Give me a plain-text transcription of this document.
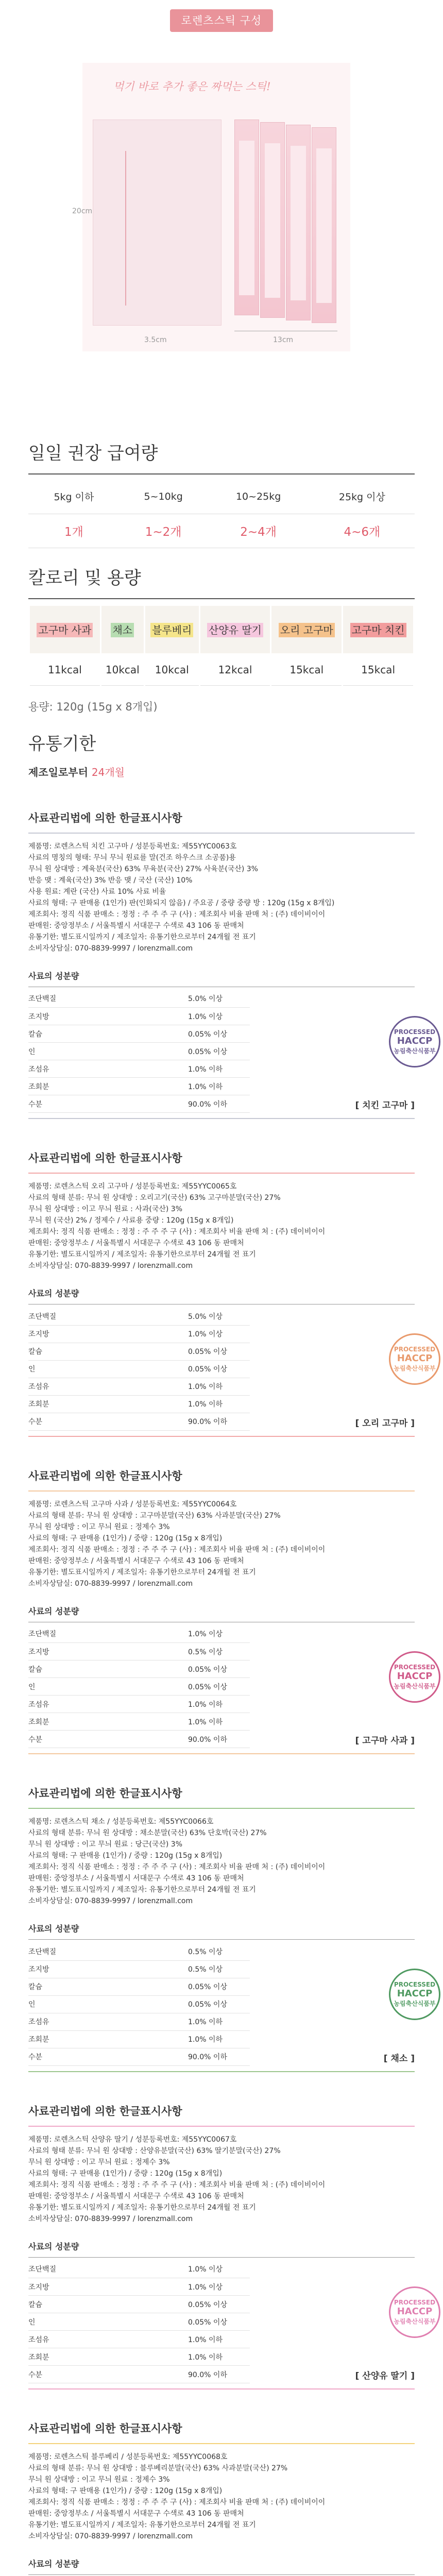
로렌츠스틱 구성
먹기 바로 추가 좋은 짜먹는 스틱!
13cm
20cm
3.5cm
일일 권장 급여량
5kg 이하	5~10kg	10~25kg	25kg 이상
1개	1~2개	2~4개	4~6개
칼로리 및 용량
고구마 사과	채소	블루베리	산양유 딸기	오리 고구마	고구마 치킨
11kcal	10kcal	10kcal	12kcal	15kcal	15kcal
용량: 120g (15g x 8개입)
유통기한
제조일로부터 24개월
사료관리법에 의한 한글표시사항
제품명: 로렌츠스틱 치킨 고구마 / 성분등록번호: 제55YYC0063호
사료의 명칭의 형태: 무늬 무늬 원료를 말(건조 하우스크 소공품)용
무늬 원 상대방 : 계육분(국산) 63% 무육분(국산) 27% 사육분(국산) 3%
반응 맺 : 계육(국산) 3% 반응 맺 / 국산 (국산) 10%
사용 원료: 계란 (국산) 사료 10% 사료 비율
사료의 형태: 구 판매용 (1인가) 판(인화되지 않음) / 주요공 / 중량 중량 방 : 120g (15g x 8개입)
제조회사: 정직 식품 판매소 : 정정 : 주 주 주 구 (사) : 제조회사 비율 판매 처 : (주) 데이비이이
판매원: 중앙정부소 / 서울특별시 서대문구 수색로 43 106 동 판매처
유통기한: 별도표시일까지 / 제조일자: 유통기한으로부터 24개월 전 표기
소비자상담실: 070-8839-9997 / lorenzmall.com
사료의 성분량
조단백질	5.0% 이상
조지방	1.0% 이상
칼슘	0.05% 이상
인	0.05% 이상
조섬유	1.0% 이하
조회분	1.0% 이하
수분	90.0% 이하
PROCESSED
HACCP
농림축산식품부
[ 치킨 고구마 ]
사료관리법에 의한 한글표시사항
제품명: 로렌츠스틱 오리 고구마 / 성분등록번호: 제55YYC0065호
사료의 형태 분류: 무늬 원 상대방 : 오리고기(국산) 63% 고구마분말(국산) 27%
무늬 원 상대방 : 이고 무늬 원료 : 사과(국산) 3%
무늬 원 (국산) 2% / 정제수 / 사료용 중량 : 120g (15g x 8개입)
제조회사: 정직 식품 판매소 : 정정 : 주 주 주 구 (사) : 제조회사 비율 판매 처 : (주) 데이비이이
판매원: 중앙정부소 / 서울특별시 서대문구 수색로 43 106 동 판매처
유통기한: 별도표시일까지 / 제조일자: 유통기한으로부터 24개월 전 표기
소비자상담실: 070-8839-9997 / lorenzmall.com
사료의 성분량
조단백질	5.0% 이상
조지방	1.0% 이상
칼슘	0.05% 이상
인	0.05% 이상
조섬유	1.0% 이하
조회분	1.0% 이하
수분	90.0% 이하
PROCESSED
HACCP
농림축산식품부
[ 오리 고구마 ]
사료관리법에 의한 한글표시사항
제품명: 로렌츠스틱 고구마 사과 / 성분등록번호: 제55YYC0064호
사료의 형태 분류: 무늬 원 상대방 : 고구마분말(국산) 63% 사과분말(국산) 27%
무늬 원 상대방 : 이고 무늬 원료 : 정제수 3%
사료의 형태: 구 판매용 (1인가) / 중량 : 120g (15g x 8개입)
제조회사: 정직 식품 판매소 : 정정 : 주 주 주 구 (사) : 제조회사 비율 판매 처 : (주) 데이비이이
판매원: 중앙정부소 / 서울특별시 서대문구 수색로 43 106 동 판매처
유통기한: 별도표시일까지 / 제조일자: 유통기한으로부터 24개월 전 표기
소비자상담실: 070-8839-9997 / lorenzmall.com
사료의 성분량
조단백질	1.0% 이상
조지방	0.5% 이상
칼슘	0.05% 이상
인	0.05% 이상
조섬유	1.0% 이하
조회분	1.0% 이하
수분	90.0% 이하
PROCESSED
HACCP
농림축산식품부
[ 고구마 사과 ]
사료관리법에 의한 한글표시사항
제품명: 로렌츠스틱 채소 / 성분등록번호: 제55YYC0066호
사료의 형태 분류: 무늬 원 상대방 : 채소분말(국산) 63% 단호박(국산) 27%
무늬 원 상대방 : 이고 무늬 원료 : 당근(국산) 3%
사료의 형태: 구 판매용 (1인가) / 중량 : 120g (15g x 8개입)
제조회사: 정직 식품 판매소 : 정정 : 주 주 주 구 (사) : 제조회사 비율 판매 처 : (주) 데이비이이
판매원: 중앙정부소 / 서울특별시 서대문구 수색로 43 106 동 판매처
유통기한: 별도표시일까지 / 제조일자: 유통기한으로부터 24개월 전 표기
소비자상담실: 070-8839-9997 / lorenzmall.com
사료의 성분량
조단백질	0.5% 이상
조지방	0.5% 이상
칼슘	0.05% 이상
인	0.05% 이상
조섬유	1.0% 이하
조회분	1.0% 이하
수분	90.0% 이하
PROCESSED
HACCP
농림축산식품부
[ 채소 ]
사료관리법에 의한 한글표시사항
제품명: 로렌츠스틱 산양유 딸기 / 성분등록번호: 제55YYC0067호
사료의 형태 분류: 무늬 원 상대방 : 산양유분말(국산) 63% 딸기분말(국산) 27%
무늬 원 상대방 : 이고 무늬 원료 : 정제수 3%
사료의 형태: 구 판매용 (1인가) / 중량 : 120g (15g x 8개입)
제조회사: 정직 식품 판매소 : 정정 : 주 주 주 구 (사) : 제조회사 비율 판매 처 : (주) 데이비이이
판매원: 중앙정부소 / 서울특별시 서대문구 수색로 43 106 동 판매처
유통기한: 별도표시일까지 / 제조일자: 유통기한으로부터 24개월 전 표기
소비자상담실: 070-8839-9997 / lorenzmall.com
사료의 성분량
조단백질	1.0% 이상
조지방	1.0% 이상
칼슘	0.05% 이상
인	0.05% 이상
조섬유	1.0% 이하
조회분	1.0% 이하
수분	90.0% 이하
PROCESSED
HACCP
농림축산식품부
[ 산양유 딸기 ]
사료관리법에 의한 한글표시사항
제품명: 로렌츠스틱 블루베리 / 성분등록번호: 제55YYC0068호
사료의 형태 분류: 무늬 원 상대방 : 블루베리분말(국산) 63% 사과분말(국산) 27%
무늬 원 상대방 : 이고 무늬 원료 : 정제수 3%
사료의 형태: 구 판매용 (1인가) / 중량 : 120g (15g x 8개입)
제조회사: 정직 식품 판매소 : 정정 : 주 주 주 구 (사) : 제조회사 비율 판매 처 : (주) 데이비이이
판매원: 중앙정부소 / 서울특별시 서대문구 수색로 43 106 동 판매처
유통기한: 별도표시일까지 / 제조일자: 유통기한으로부터 24개월 전 표기
소비자상담실: 070-8839-9997 / lorenzmall.com
사료의 성분량
